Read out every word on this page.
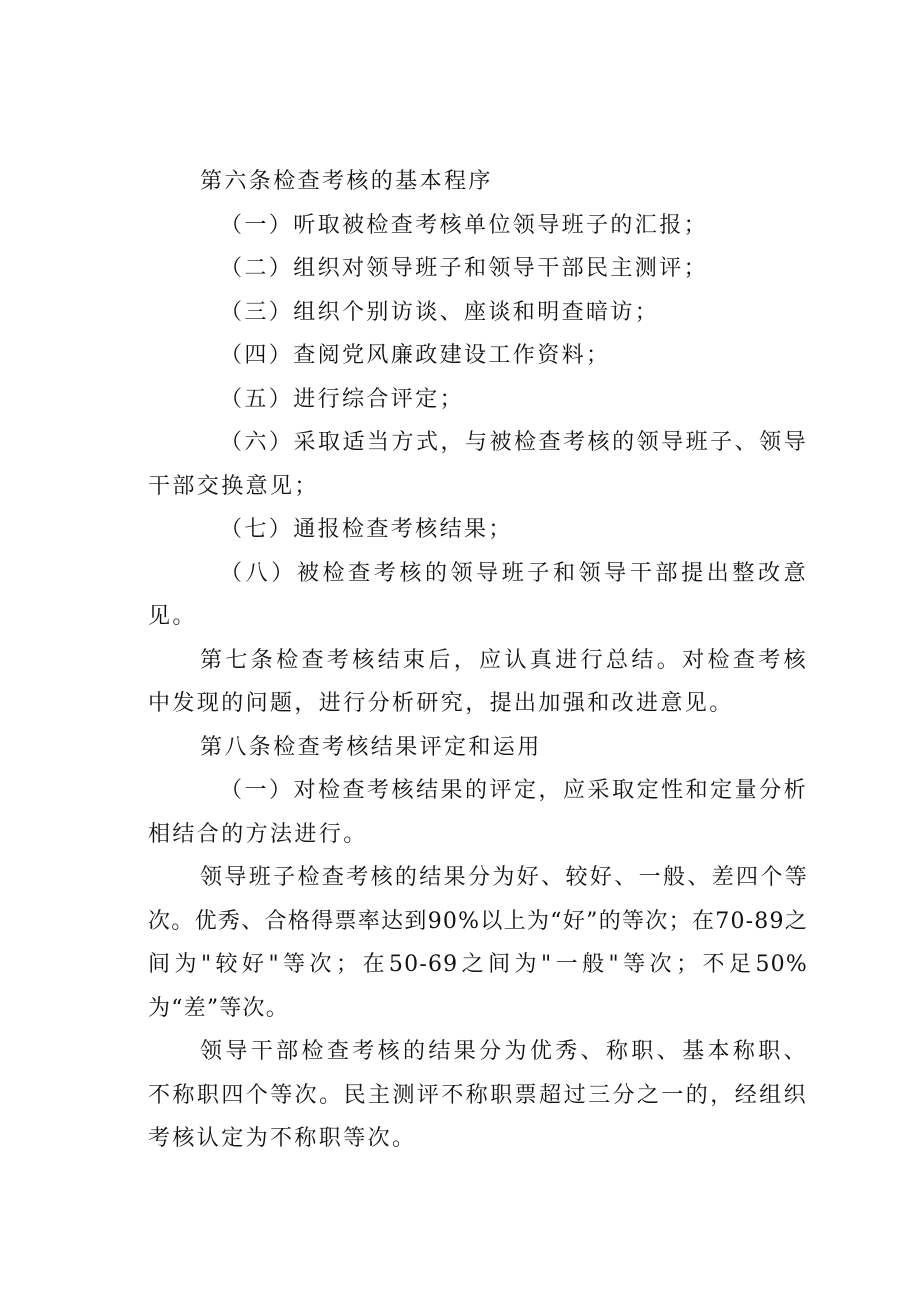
第六条检查考核的基本程序

（一）听取被检查考核单位领导班子的汇报；

（二）组织对领导班子和领导干部民主测评；

（三）组织个别访谈、座谈和明查暗访；

（四）查阅党风廉政建设工作资料；

（五）进行综合评定；

（六）采取适当方式，与被检查考核的领导班子、领导干部交换意见；

（七）通报检查考核结果；

（八）被检查考核的领导班子和领导干部提出整改意见。

第七条检查考核结束后，应认真进行总结。对检查考核中发现的问题，进行分析研究，提出加强和改进意见。

第八条检查考核结果评定和运用

（一）对检查考核结果的评定，应采取定性和定量分析相结合的方法进行。

领导班子检查考核的结果分为好、较好、一般、差四个等次。优秀、合格得票率达到90%以上为“好”的等次；在70-89之间为"较好"等次；在50-69之间为"一般"等次；不足50%为“差”等次。

领导干部检查考核的结果分为优秀、称职、基本称职、不称职四个等次。民主测评不称职票超过三分之一的，经组织考核认定为不称职等次。
